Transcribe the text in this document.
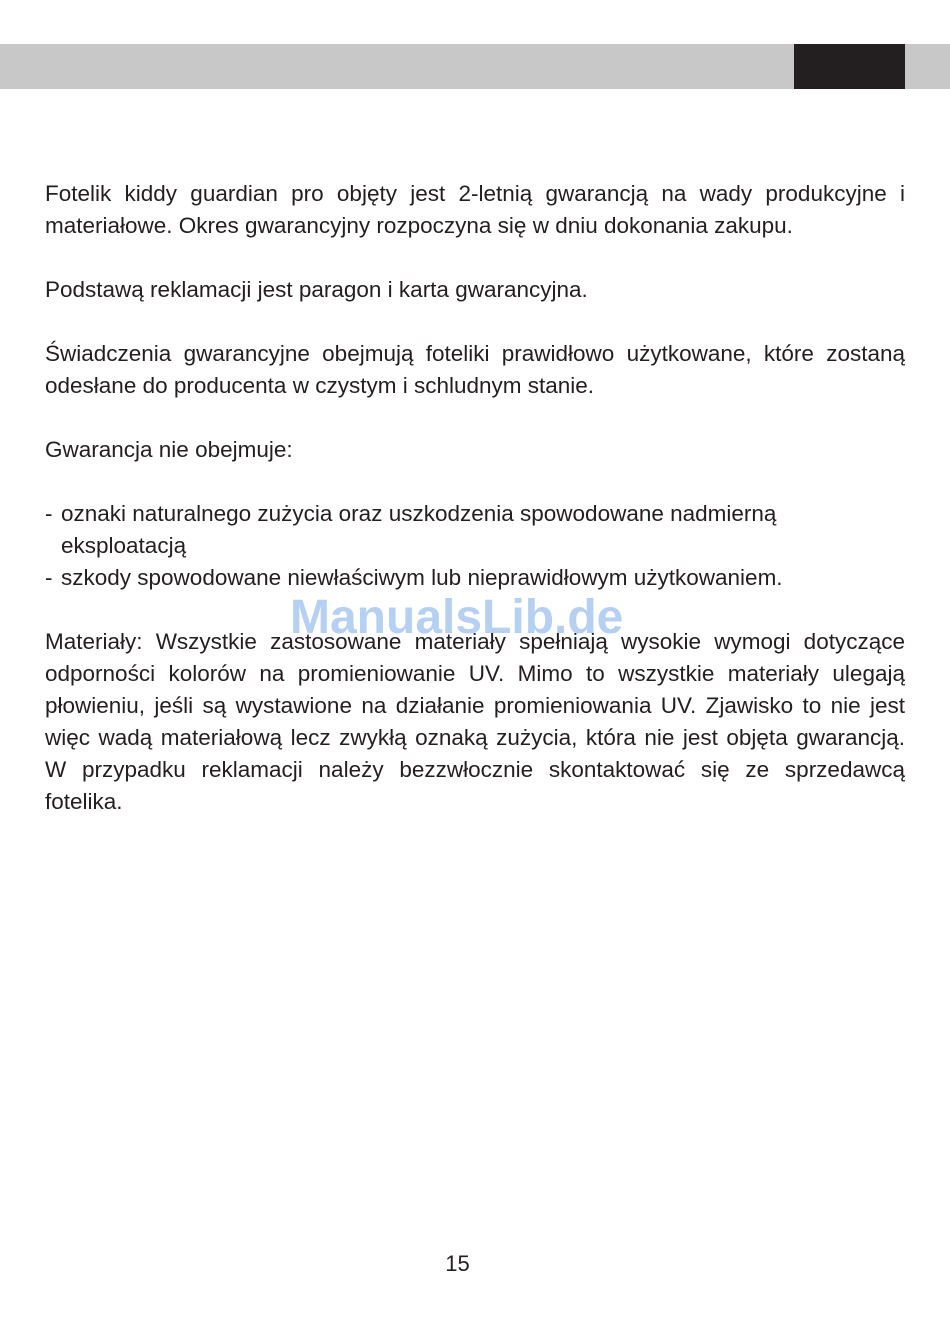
Fotelik kiddy guardian pro objęty jest 2-letnią gwarancją na wady produkcyjne i materiałowe. Okres gwarancyjny rozpoczyna się w dniu dokonania zakupu.

Podstawą reklamacji jest paragon i karta gwarancyjna.

Świadczenia gwarancyjne obejmują foteliki prawidłowo użytkowane, które zostaną odesłane do producenta w czystym i schludnym stanie.

Gwarancja nie obejmuje:

- oznaki naturalnego zużycia oraz uszkodzenia spowodowane nadmierną eksploatacją
- szkody spowodowane niewłaściwym lub nieprawidłowym użytkowaniem.

Materiały: Wszystkie zastosowane materiały spełniają wysokie wymogi dotyczące odporności kolorów na promieniowanie UV. Mimo to wszystkie materiały ulegają płowieniu, jeśli są wystawione na działanie promieniowania UV. Zjawisko to nie jest więc wadą materiałową lecz zwykłą oznaką zużycia, która nie jest objęta gwarancją. W przypadku reklamacji należy bezzwłocznie skontaktować się ze sprzedawcą fotelika.

ManualsLib.de
15
